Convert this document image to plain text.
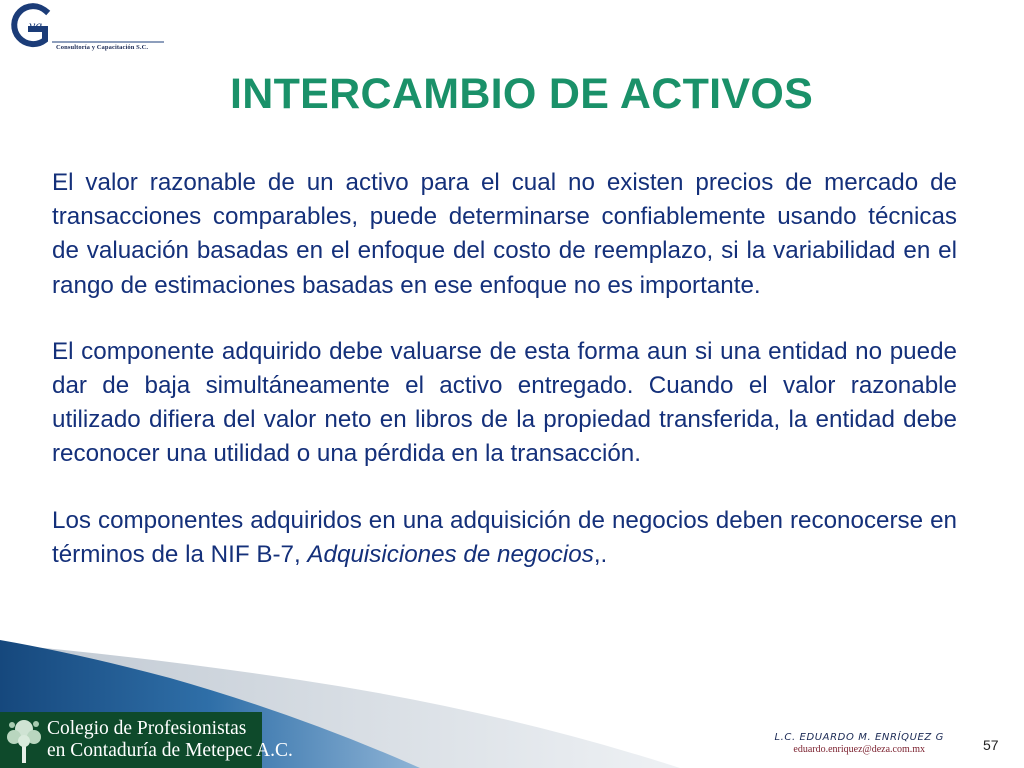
va
Consultoría y Capacitación S.C.
INTERCAMBIO DE ACTIVOS

El valor razonable de un activo para el cual no existen precios de mercado de transacciones comparables, puede determinarse confiablemente usando técnicas de valuación basadas en el enfoque del costo de reemplazo, si la variabilidad en el rango de estimaciones basadas en ese enfoque no es importante.

El componente adquirido debe valuarse de esta forma aun si una entidad no puede dar de baja simultáneamente el activo entregado. Cuando el valor razonable utilizado difiera del valor neto en libros de la propiedad transferida, la entidad debe reconocer una utilidad o una pérdida en la transacción.

Los componentes adquiridos en una adquisición de negocios deben reconocerse en términos de la NIF B-7, Adquisiciones de negocios,.

Colegio de Profesionistas
en Contaduría de Metepec A.C.
L.C. EDUARDO M. ENRÍQUEZ G
eduardo.enriquez@deza.com.mx	57
